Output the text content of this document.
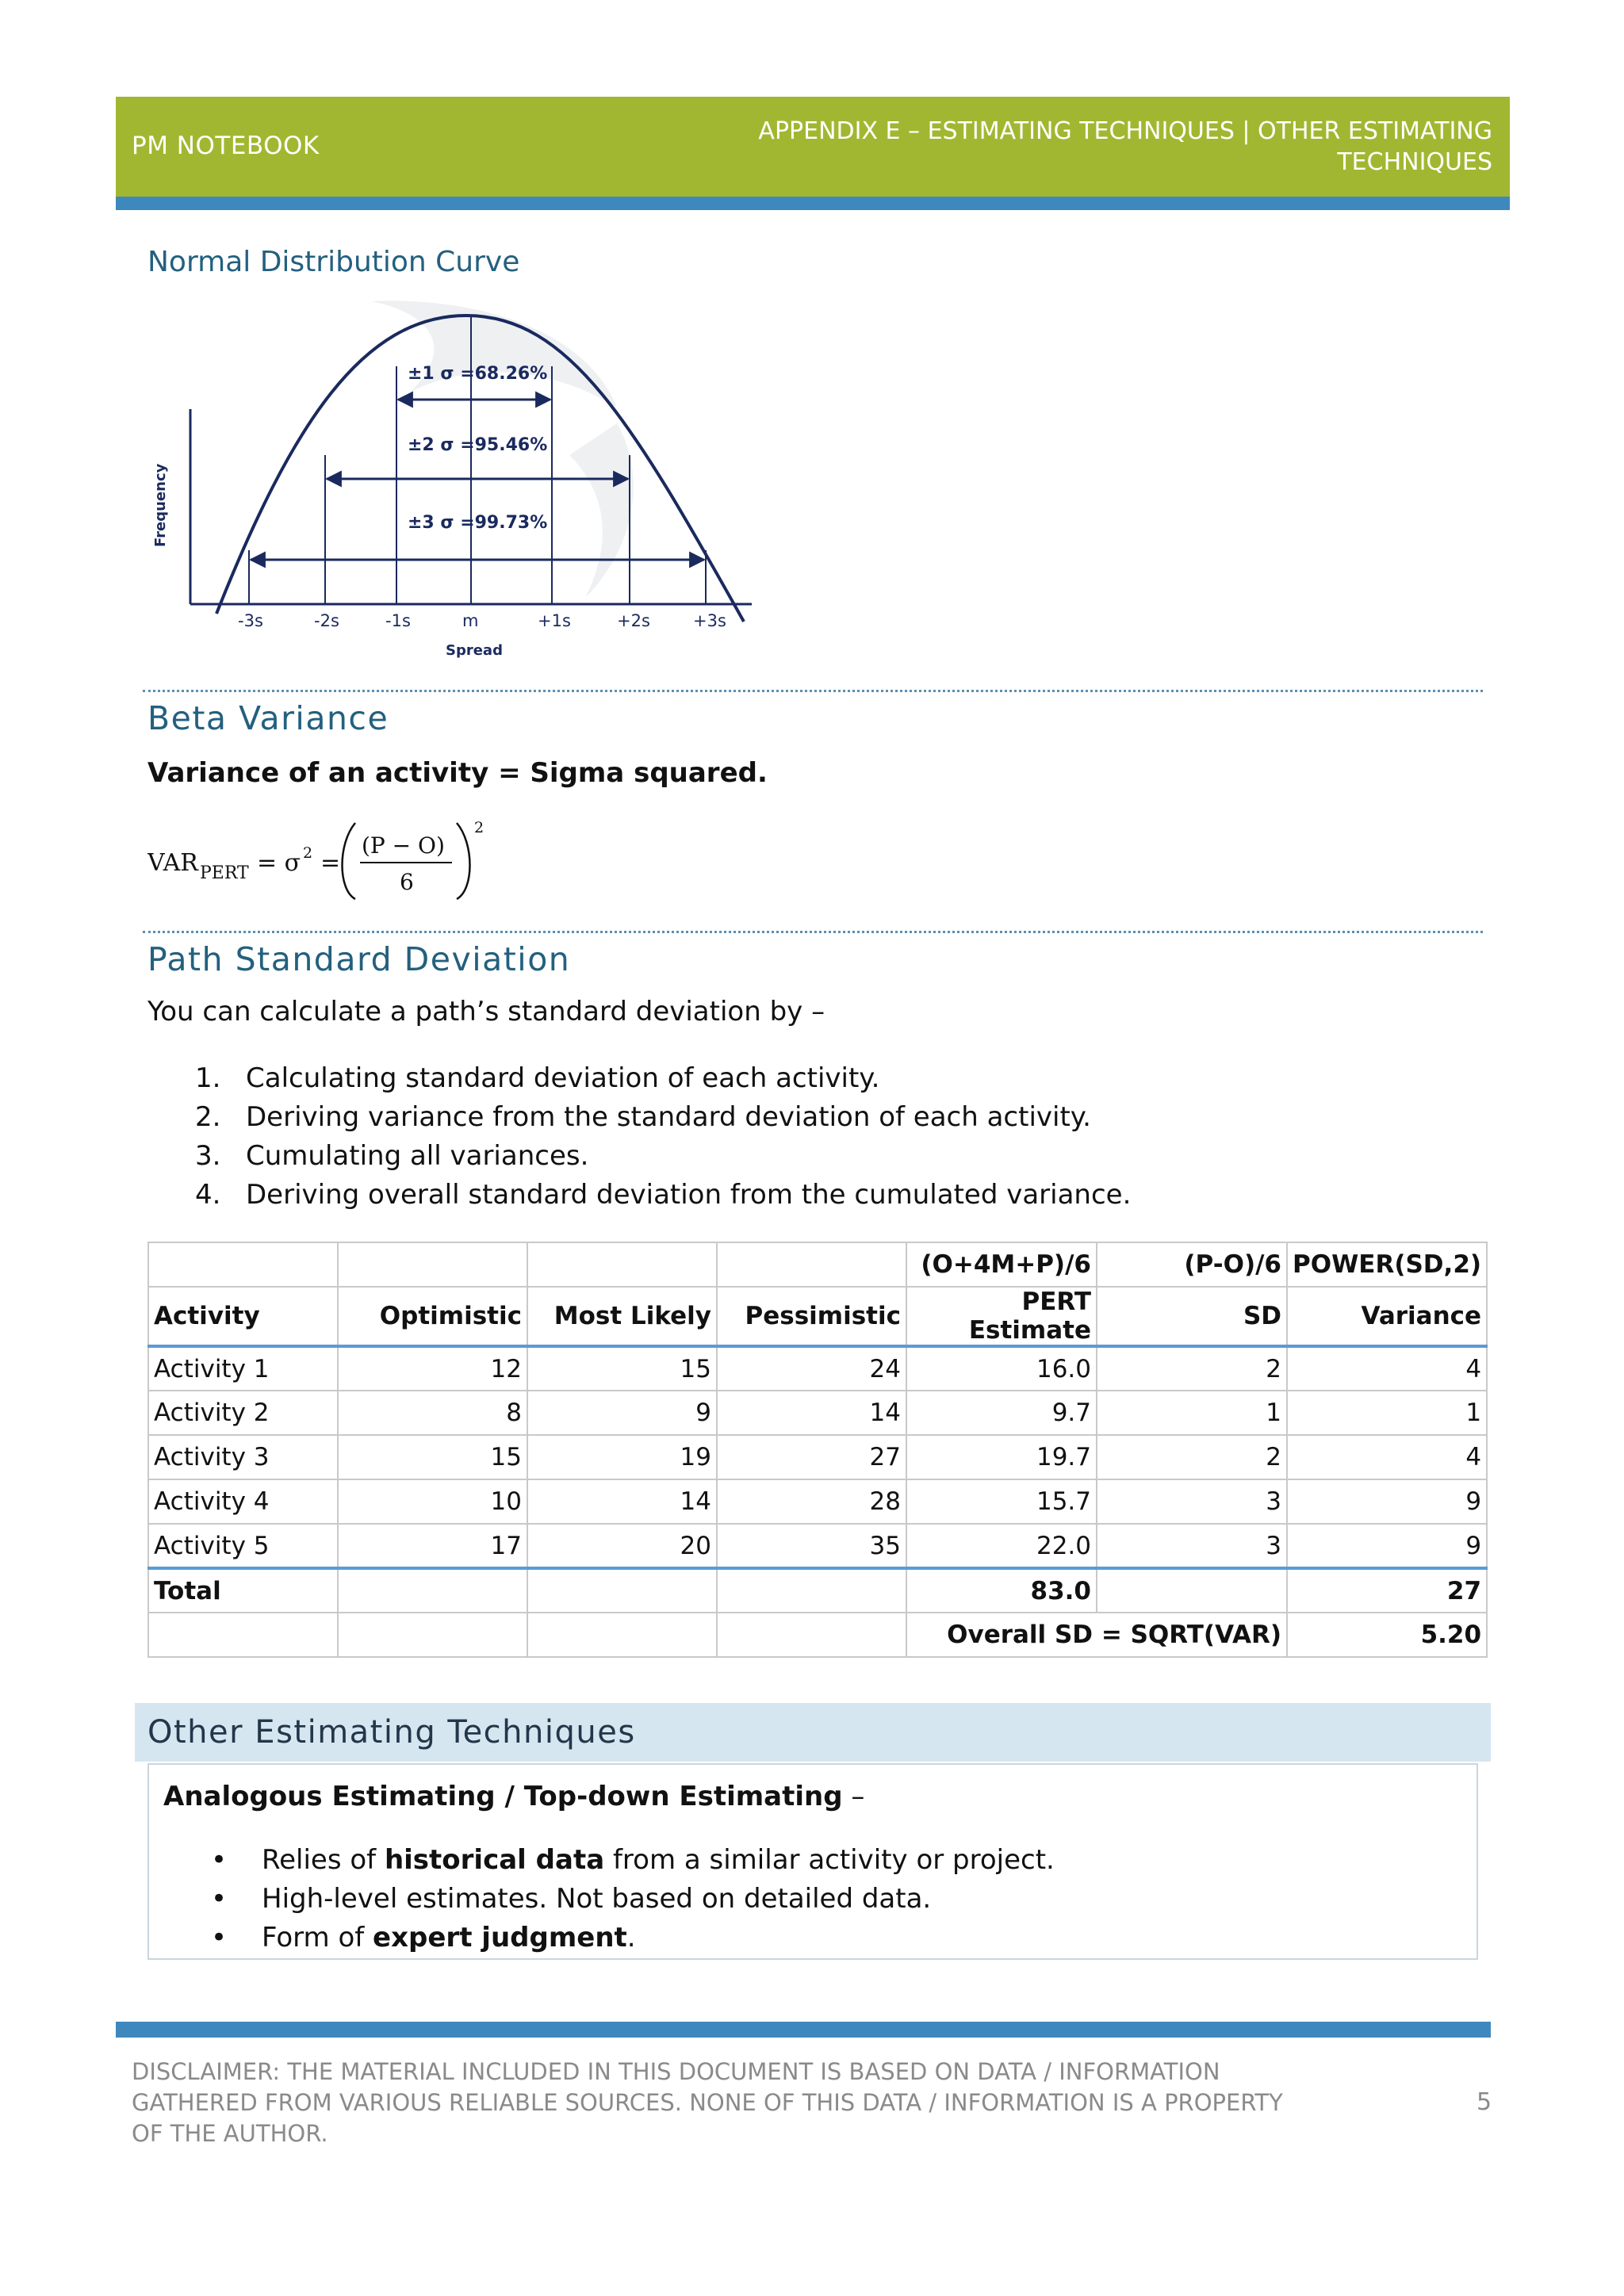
PM NOTEBOOK
APPENDIX E – ESTIMATING TECHNIQUES | OTHER ESTIMATING
TECHNIQUES
Normal Distribution Curve
±1 σ =68.26%
±2 σ =95.46%
±3 σ =99.73%
Frequency
Spread
-3s	-2s	-1s	m	+1s	+2s	+3s
Beta Variance
Variance of an activity = Sigma squared.
VAR PERT = σ 2 =
(P − O)
6
2
Path Standard Deviation
You can calculate a path’s standard deviation by –
1. Calculating standard deviation of each activity.
2. Deriving variance from the standard deviation of each activity.
3. Cumulating all variances.
4. Deriving overall standard deviation from the cumulated variance.
				(O+4M+P)/6	(P-O)/6	POWER(SD,2)
Activity	Optimistic	Most Likely	Pessimistic	PERT Estimate	SD	Variance
Activity 1	12	15	24	16.0	2	4
Activity 2	8	9	14	9.7	1	1
Activity 3	15	19	27	19.7	2	4
Activity 4	10	14	28	15.7	3	9
Activity 5	17	20	35	22.0	3	9
Total				83.0		27
				Overall SD = SQRT(VAR)		5.20
Other Estimating Techniques
Analogous Estimating / Top-down Estimating –
• Relies of historical data from a similar activity or project.
• High-level estimates. Not based on detailed data.
• Form of expert judgment.
DISCLAIMER: THE MATERIAL INCLUDED IN THIS DOCUMENT IS BASED ON DATA / INFORMATION GATHERED FROM VARIOUS RELIABLE SOURCES. NONE OF THIS DATA / INFORMATION IS A PROPERTY OF THE AUTHOR.
5
